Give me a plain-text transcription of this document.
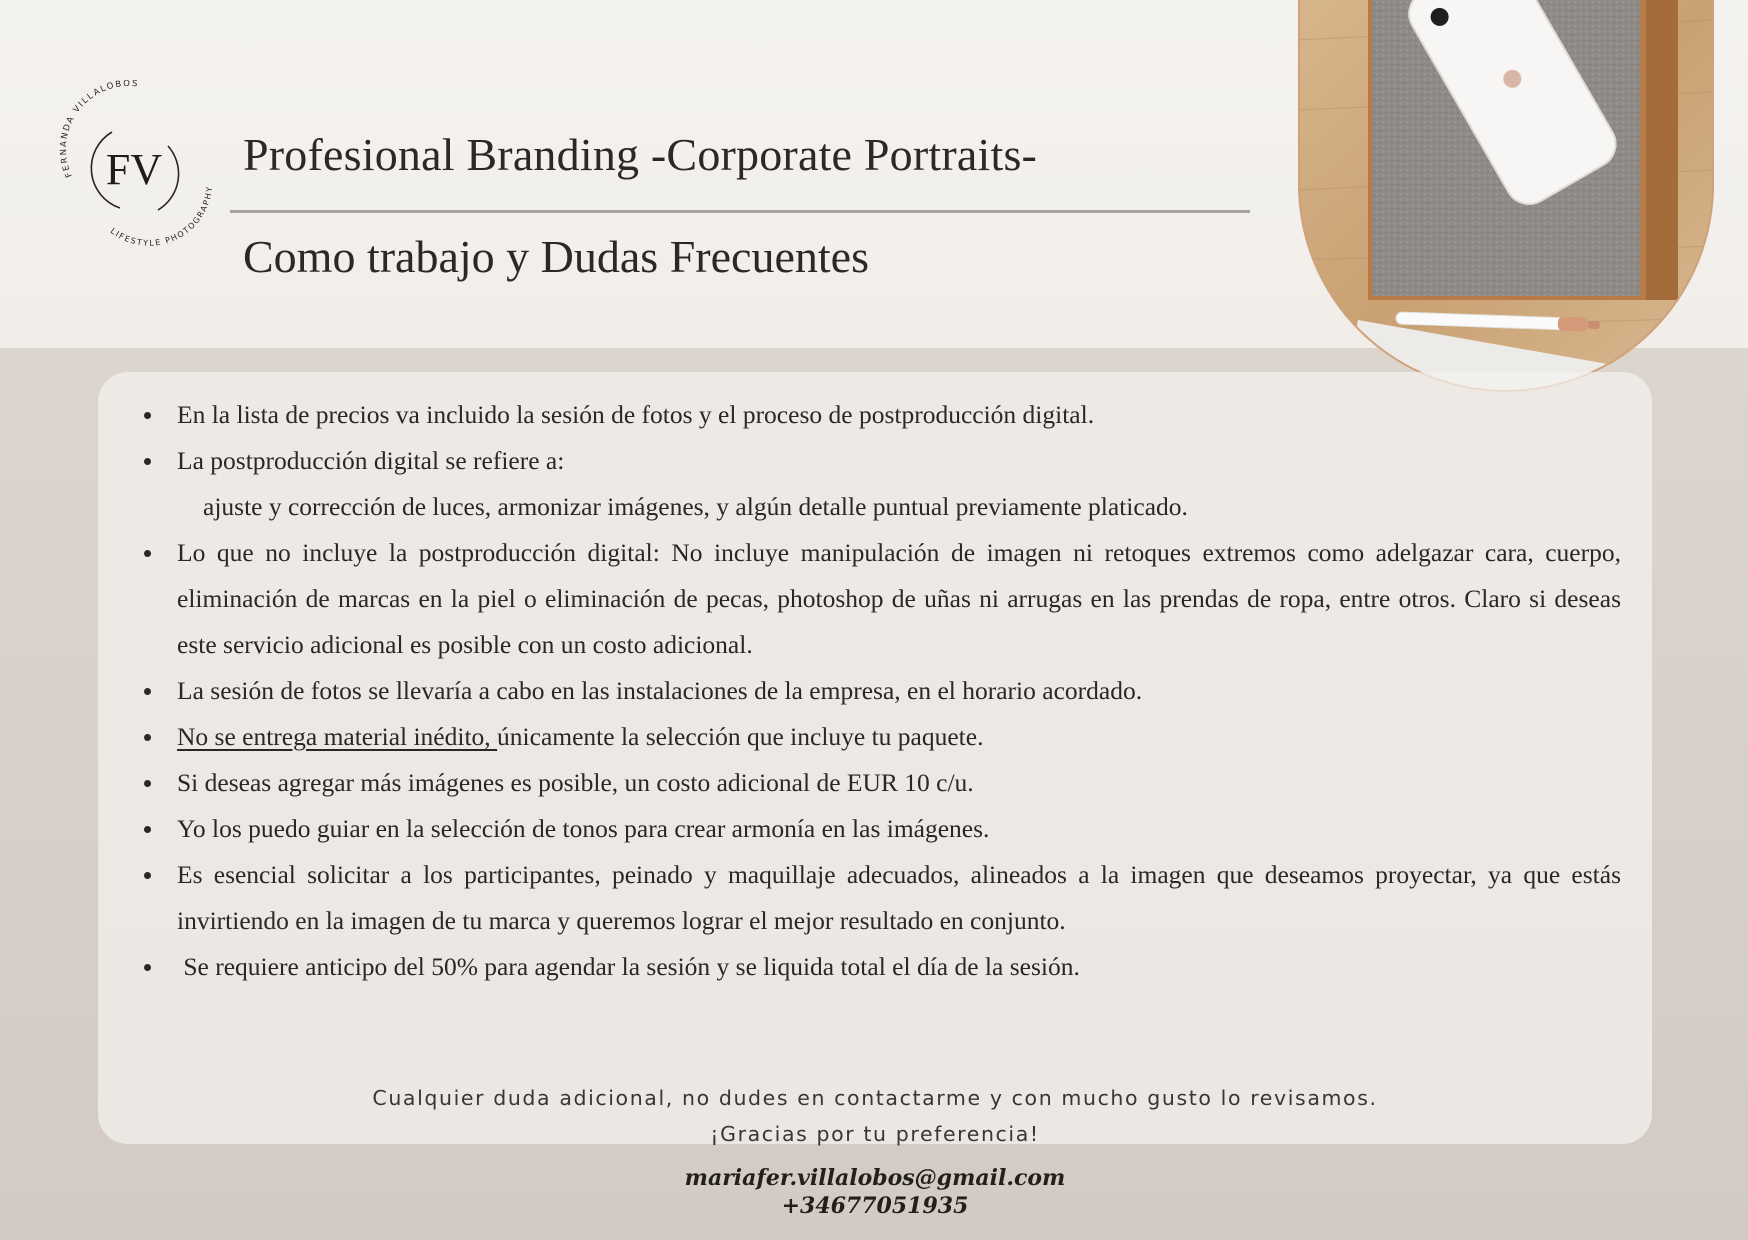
FERNANDA VILLALOBOS
LIFESTYLE PHOTOGRAPHY
FV Profesional Branding -Corporate Portraits-
Como trabajo y Dudas Frecuentes
En la lista de precios va incluido la sesión de fotos y el proceso de postproducción digital.
La postproducción digital se refiere a:
ajuste y corrección de luces, armonizar imágenes, y algún detalle puntual previamente platicado.
Lo que no incluye la postproducción digital: No incluye manipulación de imagen ni retoques extremos como adelgazar cara, cuerpo, eliminación de marcas en la piel o eliminación de pecas, photoshop de uñas ni arrugas en las prendas de ropa, entre otros. Claro si deseas este servicio adicional es posible con un costo adicional.
La sesión de fotos se llevaría a cabo en las instalaciones de la empresa, en el horario acordado.
No se entrega material inédito, únicamente la selección que incluye tu paquete.
Si deseas agregar más imágenes es posible, un costo adicional de EUR 10 c/u.
Yo los puedo guiar en la selección de tonos para crear armonía en las imágenes.
Es esencial solicitar a los participantes, peinado y maquillaje adecuados, alineados a la imagen que deseamos proyectar, ya que estás invirtiendo en la imagen de tu marca y queremos lograr el mejor resultado en conjunto.
Se requiere anticipo del 50% para agendar la sesión y se liquida total el día de la sesión.
Cualquier duda adicional, no dudes en contactarme y con mucho gusto lo revisamos.
¡Gracias por tu preferencia!
mariafer.villalobos@gmail.com
+34677051935
